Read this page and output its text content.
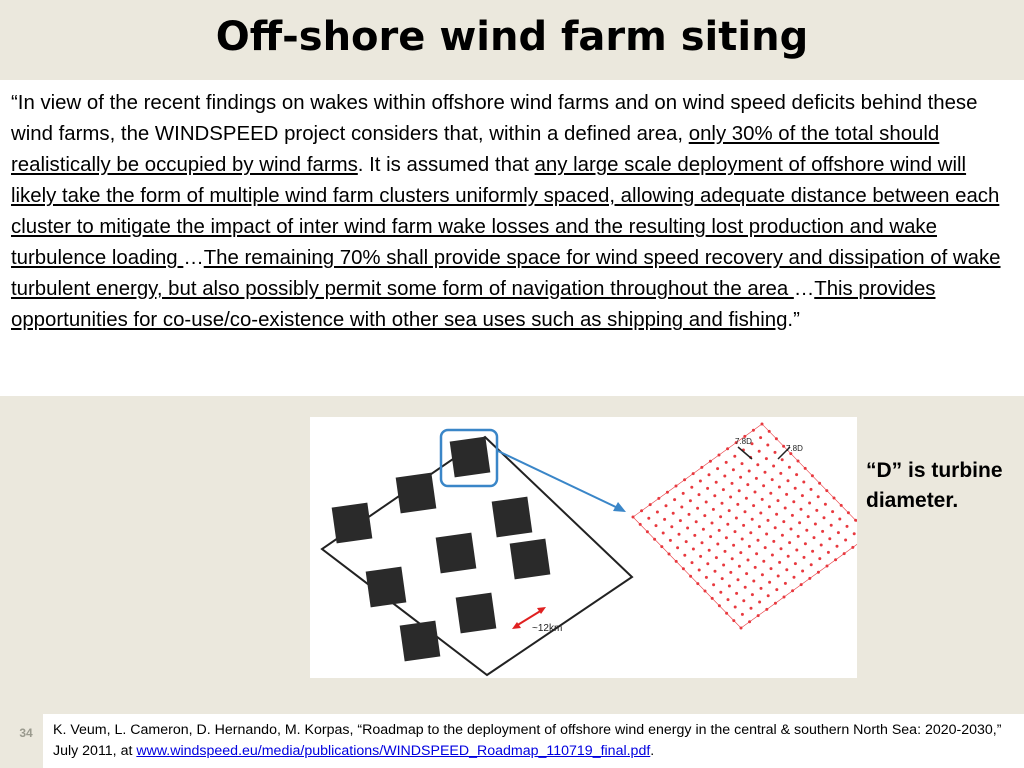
Off-shore wind farm siting
“In view of the recent findings on wakes within offshore wind farms and on wind speed deficits behind these wind farms, the WINDSPEED project considers that, within a defined area, only 30% of the total should realistically be occupied by wind farms. It is assumed that any large scale deployment of offshore wind will likely take the form of multiple wind farm clusters uniformly spaced, allowing adequate distance between each cluster to mitigate the impact of inter wind farm wake losses and the resulting lost production and wake turbulence loading …The remaining 70% shall provide space for wind speed recovery and dissipation of wake turbulent energy, but also possibly permit some form of navigation throughout the area …This provides opportunities for co-use/co-existence with other sea uses such as shipping and fishing.”
7.8D
7.8D
~12km
“D” is turbine diameter.
34	K. Veum, L. Cameron, D. Hernando, M. Korpas, “Roadmap to the deployment of offshore wind energy in the central & southern North Sea: 2020-2030,” July 2011, at www.windspeed.eu/media/publications/WINDSPEED_Roadmap_110719_final.pdf.
